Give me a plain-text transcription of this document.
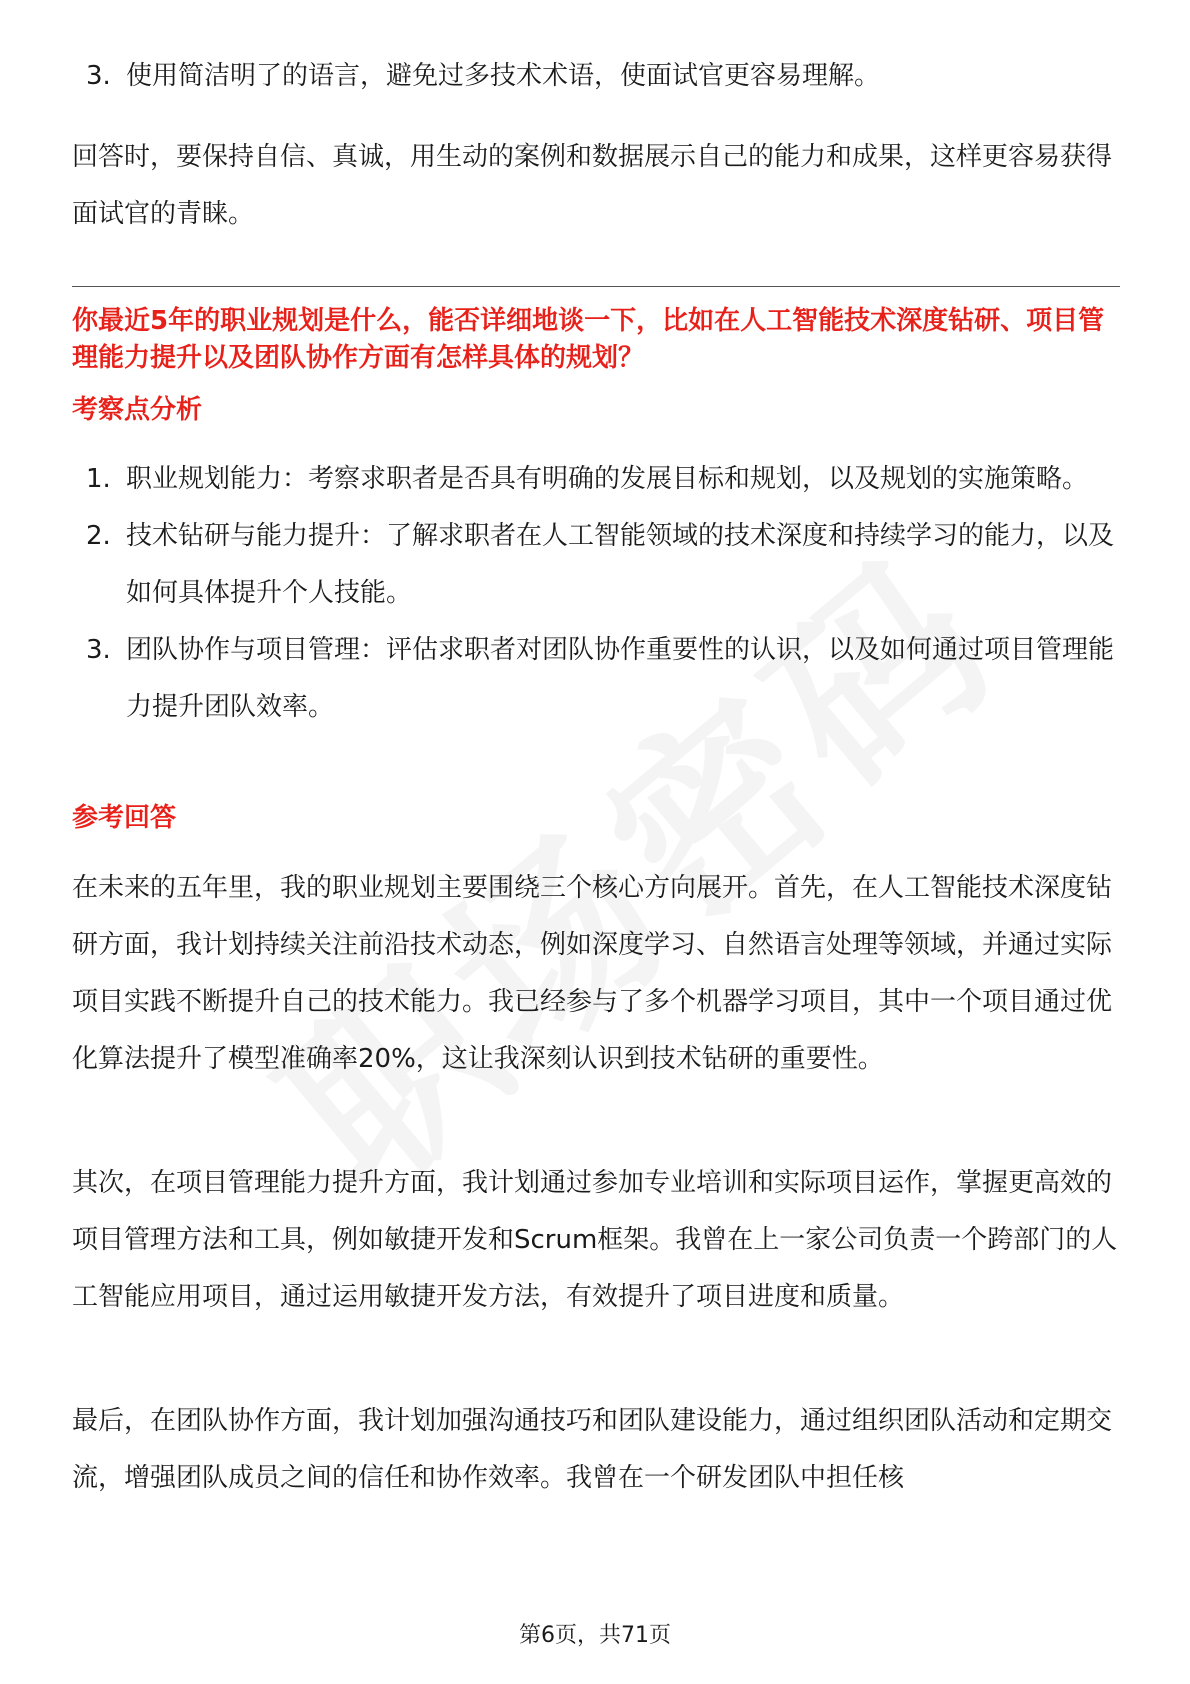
3. 使用简洁明了的语言，避免过多技术术语，使面试官更容易理解。

回答时，要保持自信、真诚，用生动的案例和数据展示自己的能力和成果，这样更容易获得面试官的青睐。

你最近5年的职业规划是什么，能否详细地谈一下，比如在人工智能技术深度钻研、项目管理能力提升以及团队协作方面有怎样具体的规划？
考察点分析
1. 职业规划能力：考察求职者是否具有明确的发展目标和规划，以及规划的实施策略。
2. 技术钻研与能力提升：了解求职者在人工智能领域的技术深度和持续学习的能力，以及如何具体提升个人技能。
3. 团队协作与项目管理：评估求职者对团队协作重要性的认识，以及如何通过项目管理能力提升团队效率。
参考回答

在未来的五年里，我的职业规划主要围绕三个核心方向展开。首先，在人工智能技术深度钻研方面，我计划持续关注前沿技术动态，例如深度学习、自然语言处理等领域，并通过实际项目实践不断提升自己的技术能力。我已经参与了多个机器学习项目，其中一个项目通过优化算法提升了模型准确率20%，这让我深刻认识到技术钻研的重要性。

其次，在项目管理能力提升方面，我计划通过参加专业培训和实际项目运作，掌握更高效的项目管理方法和工具，例如敏捷开发和Scrum框架。我曾在上一家公司负责一个跨部门的人工智能应用项目，通过运用敏捷开发方法，有效提升了项目进度和质量。

最后，在团队协作方面，我计划加强沟通技巧和团队建设能力，通过组织团队活动和定期交流，增强团队成员之间的信任和协作效率。我曾在一个研发团队中担任核

第6页，共71页
